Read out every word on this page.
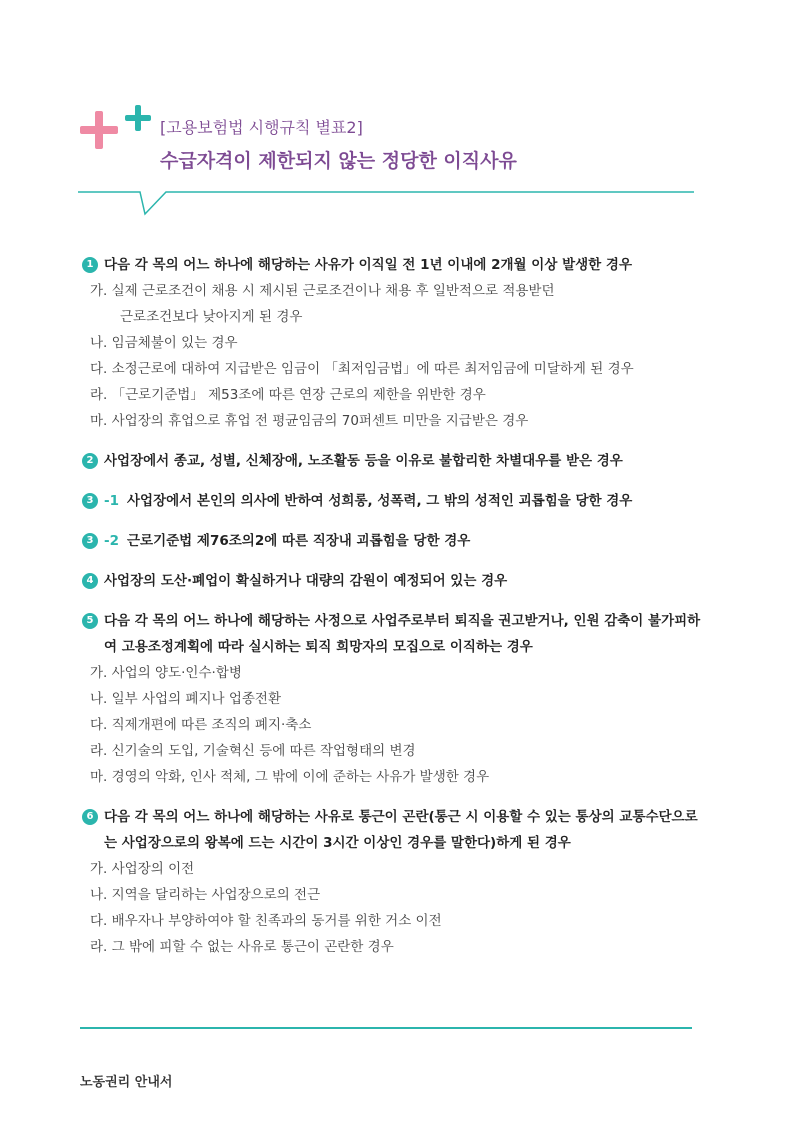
[고용보험법 시행규칙 별표2]
수급자격이 제한되지 않는 정당한 이직사유
1 다음 각 목의 어느 하나에 해당하는 사유가 이직일 전 1년 이내에 2개월 이상 발생한 경우
가. 실제 근로조건이 채용 시 제시된 근로조건이나 채용 후 일반적으로 적용받던
근로조건보다 낮아지게 된 경우
나. 임금체불이 있는 경우
다. 소정근로에 대하여 지급받은 임금이 「최저임금법」에 따른 최저임금에 미달하게 된 경우
라. 「근로기준법」 제53조에 따른 연장 근로의 제한을 위반한 경우
마. 사업장의 휴업으로 휴업 전 평균임금의 70퍼센트 미만을 지급받은 경우
2 사업장에서 종교, 성별, 신체장애, 노조활동 등을 이유로 불합리한 차별대우를 받은 경우
3 -1 사업장에서 본인의 의사에 반하여 성희롱, 성폭력, 그 밖의 성적인 괴롭힘을 당한 경우
3 -2 근로기준법 제76조의2에 따른 직장내 괴롭힘을 당한 경우
4 사업장의 도산·폐업이 확실하거나 대량의 감원이 예정되어 있는 경우
5 다음 각 목의 어느 하나에 해당하는 사정으로 사업주로부터 퇴직을 권고받거나, 인원 감축이 불가피하여 고용조정계획에 따라 실시하는 퇴직 희망자의 모집으로 이직하는 경우
가. 사업의 양도·인수·합병
나. 일부 사업의 폐지나 업종전환
다. 직제개편에 따른 조직의 폐지·축소
라. 신기술의 도입, 기술혁신 등에 따른 작업형태의 변경
마. 경영의 악화, 인사 적체, 그 밖에 이에 준하는 사유가 발생한 경우
6 다음 각 목의 어느 하나에 해당하는 사유로 통근이 곤란(통근 시 이용할 수 있는 통상의 교통수단으로는 사업장으로의 왕복에 드는 시간이 3시간 이상인 경우를 말한다)하게 된 경우
가. 사업장의 이전
나. 지역을 달리하는 사업장으로의 전근
다. 배우자나 부양하여야 할 친족과의 동거를 위한 거소 이전
라. 그 밖에 피할 수 없는 사유로 통근이 곤란한 경우
노동권리 안내서
